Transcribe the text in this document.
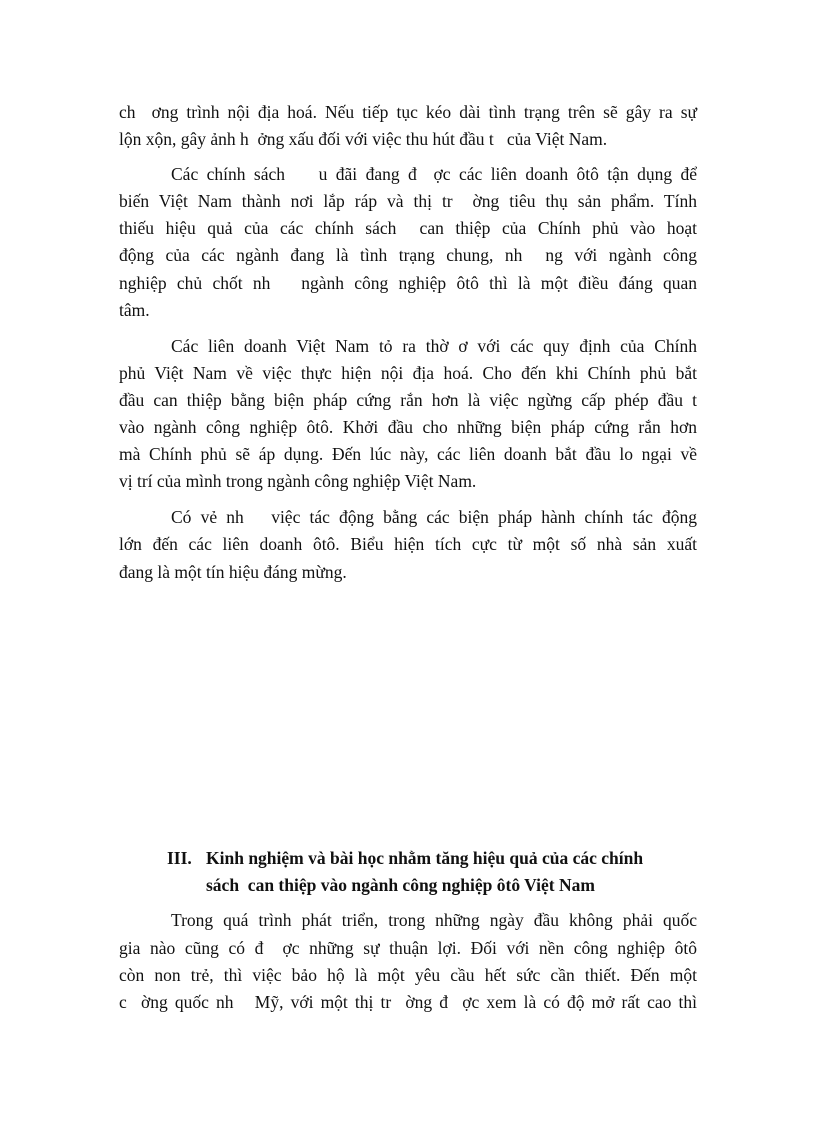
ch  ơng trình nội địa hoá. Nếu tiếp tục kéo dài tình trạng trên sẽ gây ra sự
lộn xộn, gây ảnh h  ởng xấu đối với việc thu hút đầu t   của Việt Nam.
Các chính sách    u đãi đang đ  ợc các liên doanh ôtô tận dụng để
biến Việt Nam thành nơi lắp ráp và thị tr  ờng tiêu thụ sản phẩm. Tính
thiếu hiệu quả của các chính sách  can thiệp của Chính phủ vào hoạt
động của các ngành đang là tình trạng chung, nh  ng với ngành công
nghiệp chủ chốt nh   ngành công nghiệp ôtô thì là một điều đáng quan
tâm.
Các liên doanh Việt Nam tỏ ra thờ ơ với các quy định của Chính
phủ Việt Nam về việc thực hiện nội địa hoá. Cho đến khi Chính phủ bắt
đầu can thiệp bằng biện pháp cứng rắn hơn là việc ngừng cấp phép đầu t
vào ngành công nghiệp ôtô. Khởi đầu cho những biện pháp cứng rắn hơn
mà Chính phủ sẽ áp dụng. Đến lúc này, các liên doanh bắt đầu lo ngại về
vị trí của mình trong ngành công nghiệp Việt Nam.
Có vẻ nh   việc tác động bằng các biện pháp hành chính tác động
lớn đến các liên doanh ôtô. Biểu hiện tích cực từ một số nhà sản xuất
đang là một tín hiệu đáng mừng.
III. Kinh nghiệm và bài học nhằm tăng hiệu quả của các chính
sách  can thiệp vào ngành công nghiệp ôtô Việt Nam
Trong quá trình phát triển, trong những ngày đầu không phải quốc
gia nào cũng có đ  ợc những sự thuận lợi. Đối với nền công nghiệp ôtô
còn non trẻ, thì việc bảo hộ là một yêu cầu hết sức cần thiết. Đến một
c  ờng quốc nh   Mỹ, với một thị tr  ờng đ  ợc xem là có độ mở rất cao thì
